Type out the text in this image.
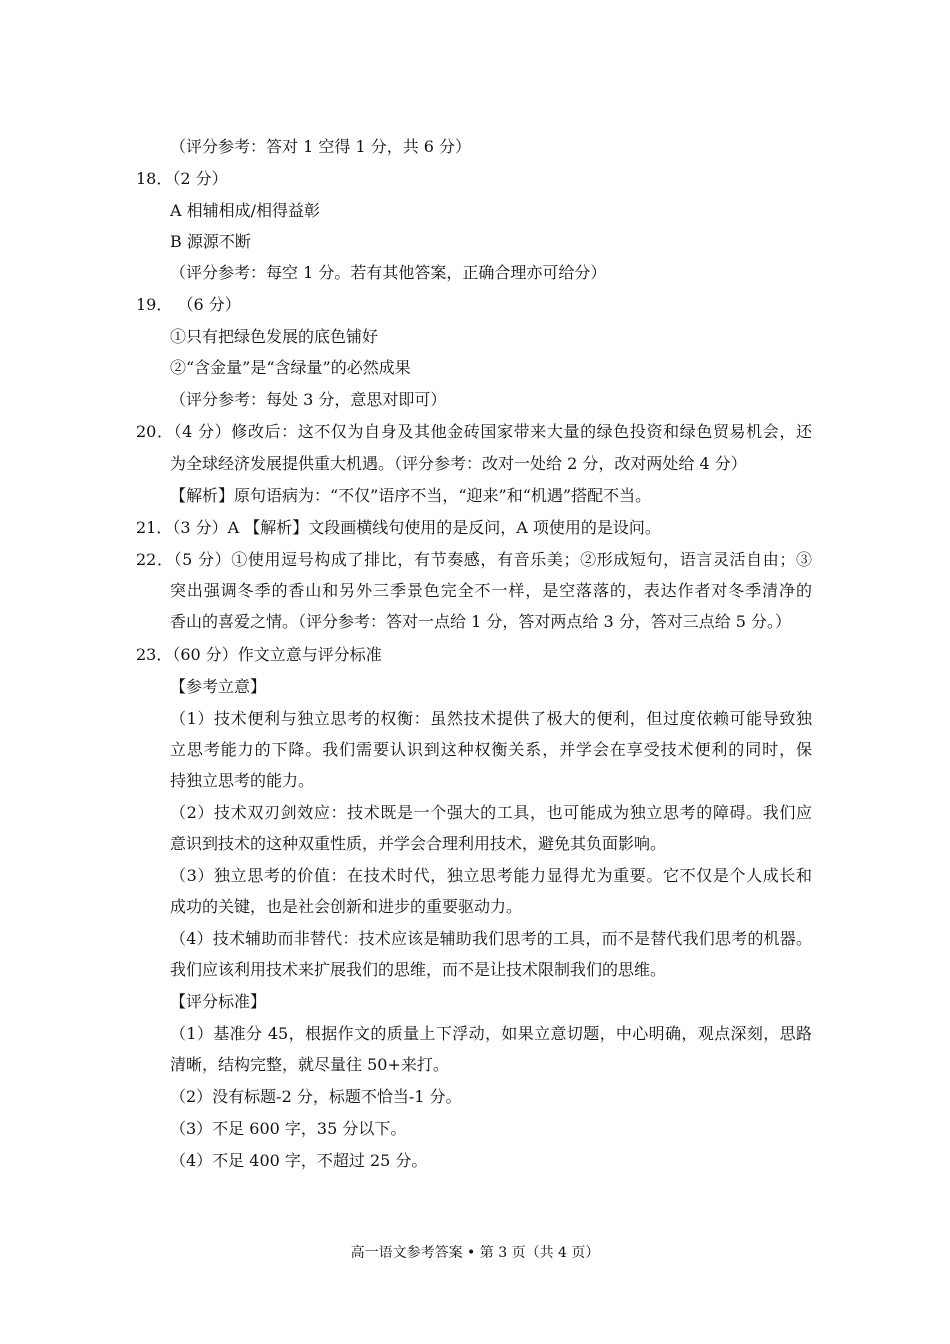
（评分参考：答对 1 空得 1 分，共 6 分）
18．（2 分）
A 相辅相成/相得益彰
B 源源不断
（评分参考：每空 1 分。若有其他答案，正确合理亦可给分）
19． （6 分）
①只有把绿色发展的底色铺好
②“含金量”是“含绿量”的必然成果
（评分参考：每处 3 分，意思对即可）
20．（4 分）修改后：这不仅为自身及其他金砖国家带来大量的绿色投资和绿色贸易机会，还
为全球经济发展提供重大机遇。（评分参考：改对一处给 2 分，改对两处给 4 分）
【解析】原句语病为：“不仅”语序不当，“迎来”和“机遇”搭配不当。
21．（3 分）A 【解析】文段画横线句使用的是反问，A 项使用的是设问。
22．（5 分）①使用逗号构成了排比，有节奏感，有音乐美；②形成短句，语言灵活自由；③
突出强调冬季的香山和另外三季景色完全不一样，是空落落的，表达作者对冬季清净的
香山的喜爱之情。（评分参考：答对一点给 1 分，答对两点给 3 分，答对三点给 5 分。）
23．（60 分）作文立意与评分标准
【参考立意】
（1）技术便利与独立思考的权衡：虽然技术提供了极大的便利，但过度依赖可能导致独
立思考能力的下降。我们需要认识到这种权衡关系，并学会在享受技术便利的同时，保
持独立思考的能力。
（2）技术双刃剑效应：技术既是一个强大的工具，也可能成为独立思考的障碍。我们应
意识到技术的这种双重性质，并学会合理利用技术，避免其负面影响。
（3）独立思考的价值：在技术时代，独立思考能力显得尤为重要。它不仅是个人成长和
成功的关键，也是社会创新和进步的重要驱动力。
（4）技术辅助而非替代：技术应该是辅助我们思考的工具，而不是替代我们思考的机器。
我们应该利用技术来扩展我们的思维，而不是让技术限制我们的思维。
【评分标准】
（1）基准分 45，根据作文的质量上下浮动，如果立意切题，中心明确，观点深刻，思路
清晰，结构完整，就尽量往 50+来打。
（2）没有标题-2 分，标题不恰当-1 分。
（3）不足 600 字，35 分以下。
（4）不足 400 字，不超过 25 分。
高一语文参考答案 • 第 3 页（共 4 页）
